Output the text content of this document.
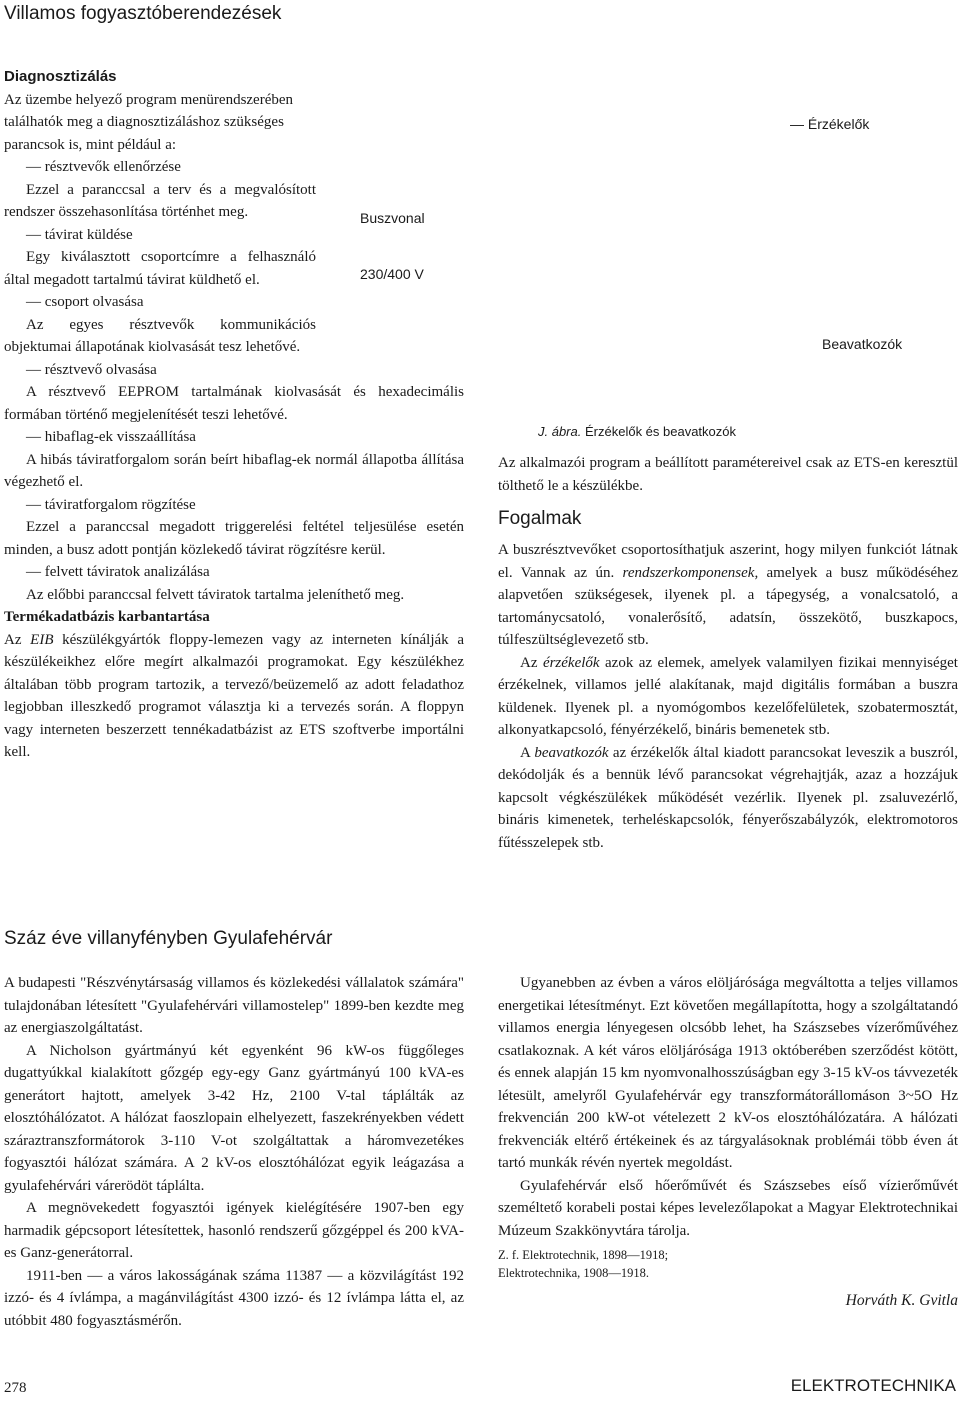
Villamos fogyasztóberendezések

Diagnosztizálás

Az üzembe helyező program menürendszerében találhatók meg a diagnosztizáláshoz szükséges parancsok is, mint például a:

— résztvevők ellenőrzése

Ezzel a paranccsal a terv és a megvalósított rendszer összehasonlítása történhet meg.

— távirat küldése

Egy kiválasztott csoportcímre a felhasználó által megadott tartalmú távirat küldhető el.

— csoport olvasása

Az egyes résztvevők kommunikációs objektumai állapotának kiolvasását tesz lehetővé.

— résztvevő olvasása

A résztvevő EEPROM tartalmának kiolvasását és hexadecimális formában történő megjelenítését teszi lehetővé.

— hibaflag-ek visszaállítása

A hibás táviratforgalom során beírt hibaflag-ek normál állapotba állítása végezhető el.

— táviratforgalom rögzítése

Ezzel a paranccsal megadott triggerelési feltétel teljesülése esetén minden, a busz adott pontján közlekedő távirat rögzítésre kerül.

— felvett táviratok analizálása

Az előbbi paranccsal felvett táviratok tartalma jeleníthető meg.

Termékadatbázis karbantartása

Az EIB készülékgyártók floppy-lemezen vagy az interneten kínálják a készülékeikhez előre megírt alkalmazói programokat. Egy készülékhez általában több program tartozik, a tervező/beüzemelő az adott feladathoz legjobban illeszkedő programot választja ki a tervezés során. A floppyn vagy interneten beszerzett tennékadatbázist az ETS szoftverbe importálni kell.

Buszvonal
230/400 V
— Érzékelők
Beavatkozók
J. ábra. Érzékelők és beavatkozók

Az alkalmazói program a beállított paramétereivel csak az ETS-en keresztül tölthető le a készülékbe.

Fogalmak

A buszrésztvevőket csoportosíthatjuk aszerint, hogy milyen funkciót látnak el. Vannak az ún. rendszerkomponensek, amelyek a busz működéséhez alapvetően szükségesek, ilyenek pl. a tápegység, a vonalcsatoló, a tartománycsatoló, vonalerősítő, adatsín, összekötő, buszkapocs, túlfeszültséglevezető stb.

Az érzékelők azok az elemek, amelyek valamilyen fizikai mennyiséget érzékelnek, villamos jellé alakítanak, majd digitális formában a buszra küldenek. Ilyenek pl. a nyomógombos kezelőfelületek, szobatermosztát, alkonyatkapcsoló, fényérzékelő, bináris bemenetek stb.

A beavatkozók az érzékelők által kiadott parancsokat leveszik a buszról, dekódolják és a bennük lévő parancsokat végrehajtják, azaz a hozzájuk kapcsolt végkészülékek működését vezérlik. Ilyenek pl. zsaluvezérlő, bináris kimenetek, terheléskapcsolók, fényerőszabályzók, elektromotoros fűtésszelepek stb.

Száz éve villanyfényben Gyulafehérvár

A budapesti "Részvénytársaság villamos és közlekedési vállalatok számára" tulajdonában létesített "Gyulafehérvári villamostelep" 1899-ben kezdte meg az energiaszolgáltatást.

A Nicholson gyártmányú két egyenként 96 kW-os függőleges dugattyúkkal kialakított gőzgép egy-egy Ganz gyártmányú 100 kVA-es generátort hajtott, amelyek 3-42 Hz, 2100 V-tal táplálták az elosztóhálózatot. A hálózat faoszlopain elhelyezett, faszekrényekben védett száraztranszformátorok 3-110 V-ot szolgáltattak a háromvezetékes fogyasztói hálózat számára. A 2 kV-os elosztóhálózat egyik leágazása a gyulafehérvári várerödöt táplálta.

A megnövekedett fogyasztói igények kielégítésére 1907-ben egy harmadik gépcsoport létesítettek, hasonló rendszerű gőzgéppel és 200 kVA-es Ganz-generátorral.

1911-ben — a város lakosságának száma 11387 — a közvilágítást 192 izzó- és 4 ívlámpa, a magánvilágítást 4300 izzó- és 12 ívlámpa látta el, az utóbbit 480 fogyasztásmérőn.

Ugyanebben az évben a város elöljárósága megváltotta a teljes villamos energetikai létesítményt. Ezt követően megállapította, hogy a szolgáltatandó villamos energia lényegesen olcsóbb lehet, ha Szászsebes vízerőművéhez csatlakoznak. A két város elöljárósága 1913 októberében szerződést kötött, és ennek alapján 15 km nyomvonalhosszúságban egy 3-15 kV-os távvezeték létesült, amelyről Gyulafehérvár egy transzformátorállomáson 3~5O Hz frekvencián 200 kW-ot vételezett 2 kV-os elosztóhálózatára. A hálózati frekvenciák eltérő értékeinek és az tárgyalásoknak problémái több éven át tartó munkák révén nyertek megoldást.

Gyulafehérvár első hőerőművét és Szászsebes eíső vízierőművét személtető korabeli postai képes levelezőlapokat a Magyar Elektrotechnikai Múzeum Szakkönyvtára tárolja.

Z. f. Elektrotechnik, 1898—1918;

Elektrotechnika, 1908—1918.

Horváth K. Gvitla

278	ELEKTROTECHNIKA
